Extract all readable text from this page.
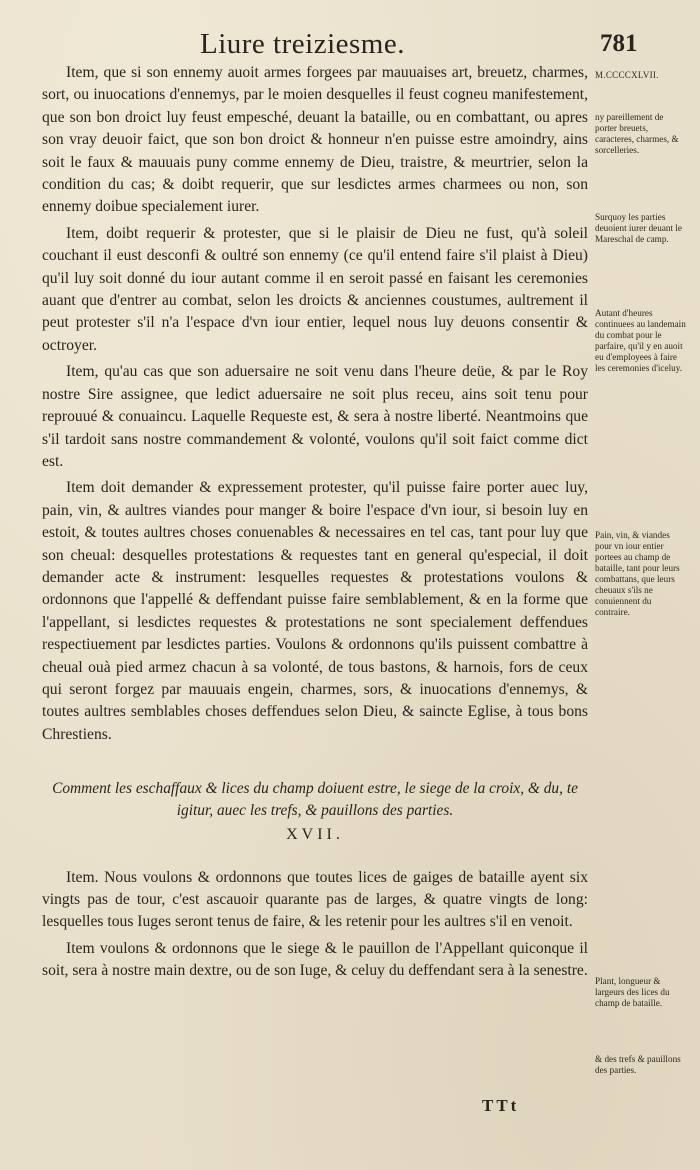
Liure treiziesme.	781

Item, que si son ennemy auoit armes forgees par mauuaises art, breuetz, charmes, sort, ou inuocations d'ennemys, par le moien desquelles il feust cogneu manifestement, que son bon droict luy feust empesché, deuant la bataille, ou en combattant, ou apres son vray deuoir faict, que son bon droict & honneur n'en puisse estre amoindry, ains soit le faux & mauuais puny comme ennemy de Dieu, traistre, & meurtrier, selon la condition du cas; & doibt requerir, que sur lesdictes armes charmees ou non, son ennemy doibue specialement iurer.

Item, doibt requerir & protester, que si le plaisir de Dieu ne fust, qu'à soleil couchant il eust desconfi & oultré son ennemy (ce qu'il entend faire s'il plaist à Dieu) qu'il luy soit donné du iour autant comme il en seroit passé en faisant les ceremonies auant que d'entrer au combat, selon les droicts & anciennes coustumes, aultrement il peut protester s'il n'a l'espace d'vn iour entier, lequel nous luy deuons consentir & octroyer.

Item, qu'au cas que son aduersaire ne soit venu dans l'heure deüe, & par le Roy nostre Sire assignee, que ledict aduersaire ne soit plus receu, ains soit tenu pour reprouué & conuaincu. Laquelle Requeste est, & sera à nostre liberté. Neantmoins que s'il tardoit sans nostre commandement & volonté, voulons qu'il soit faict comme dict est.

Item doit demander & expressement protester, qu'il puisse faire porter auec luy, pain, vin, & aultres viandes pour manger & boire l'espace d'vn iour, si besoin luy en estoit, & toutes aultres choses conuenables & necessaires en tel cas, tant pour luy que son cheual: desquelles protestations & requestes tant en general qu'especial, il doit demander acte & instrument: lesquelles requestes & protestations voulons & ordonnons que l'appellé & deffendant puisse faire semblablement, & en la forme que l'appellant, si lesdictes requestes & protestations ne sont specialement deffendues respectiuement par lesdictes parties. Voulons & ordonnons qu'ils puissent combattre à cheual ouà pied armez chacun à sa volonté, de tous bastons, & harnois, fors de ceux qui seront forgez par mauuais engein, charmes, sors, & inuocations d'ennemys, & toutes aultres semblables choses deffendues selon Dieu, & saincte Eglise, à tous bons Chrestiens.

Comment les eschaffaux & lices du champ doiuent estre, le siege de la croix, & du, te igitur, auec les trefs, & pauillons des parties.
XVII.

Item. Nous voulons & ordonnons que toutes lices de gaiges de bataille ayent six vingts pas de tour, c'est ascauoir quarante pas de larges, & quatre vingts de long: lesquelles tous Iuges seront tenus de faire, & les retenir pour les aultres s'il en venoit.

Item voulons & ordonnons que le siege & le pauillon de l'Appellant quiconque il soit, sera à nostre main dextre, ou de son Iuge, & celuy du deffendant sera à la senestre.

M.CCCCXLVII.
ny pareillement de porter breuets, caracteres, charmes, & sorcelleries.
Surquoy les parties deuoient iurer deuant le Mareschal de camp.
Autant d'heures continuees au landemain du combat pour le parfaire, qu'il y en auoit eu d'employees à faire les ceremonies d'iceluy.
Pain, vin, & viandes pour vn iour entier portees au champ de bataille, tant pour leurs combattans, que leurs cheuaux s'ils ne conuiennent du contraire.
Plant, longueur & largeurs des lices du champ de bataille.
& des trefs & pauillons des parties.
TTt
